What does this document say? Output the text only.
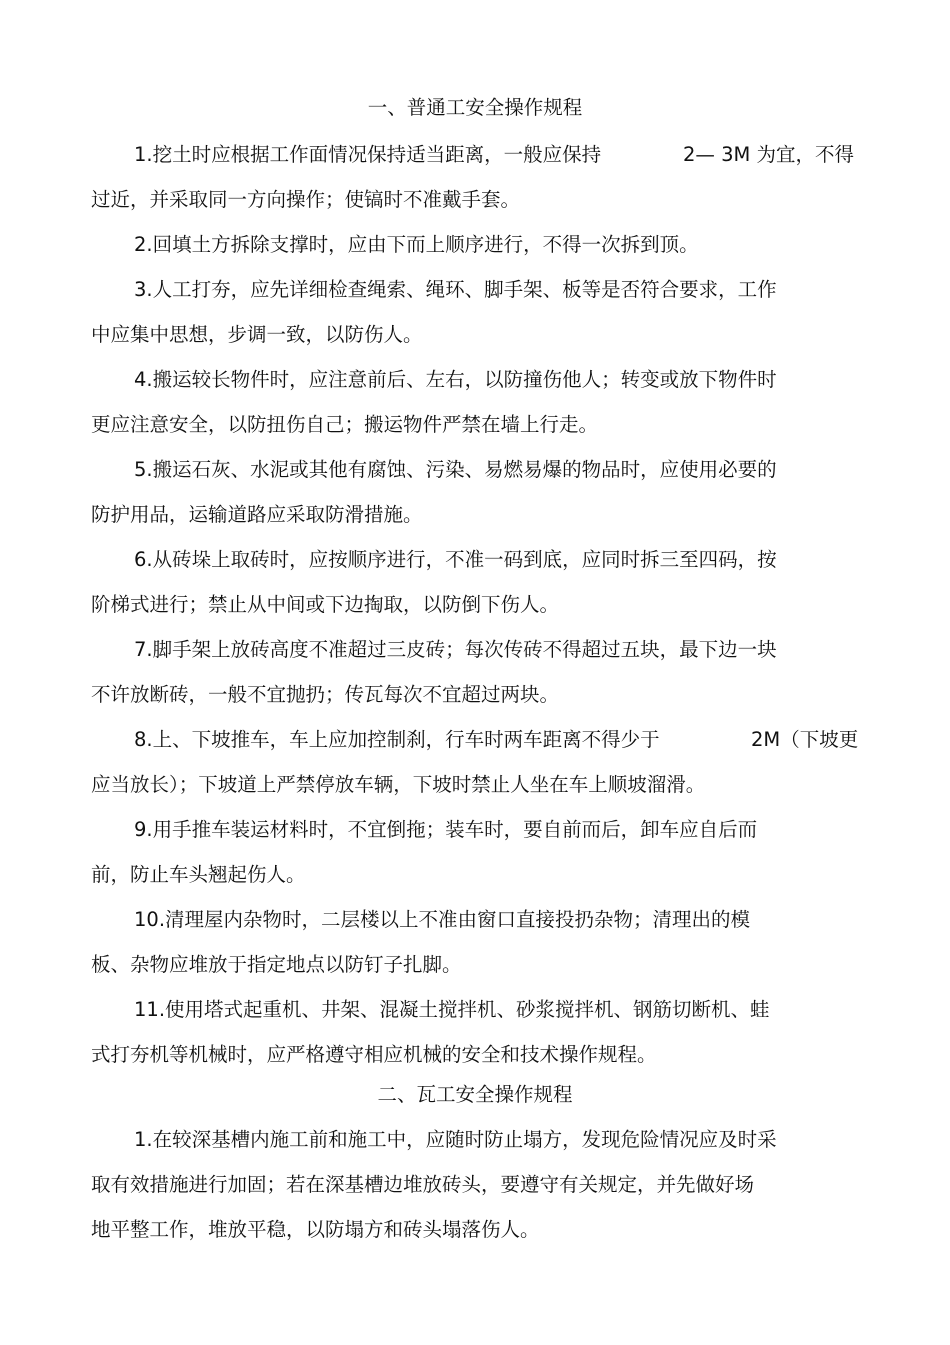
一、普通工安全操作规程
1.挖土时应根据工作面情况保持适当距离，一般应保持	2— 3M 为宜，不得
过近，并采取同一方向操作；使镐时不准戴手套。
2.回填土方拆除支撑时，应由下而上顺序进行，不得一次拆到顶。
3.人工打夯，应先详细检查绳索、绳环、脚手架、板等是否符合要求，工作
中应集中思想，步调一致，以防伤人。
4.搬运较长物件时，应注意前后、左右，以防撞伤他人；转变或放下物件时
更应注意安全，以防扭伤自己；搬运物件严禁在墙上行走。
5.搬运石灰、水泥或其他有腐蚀、污染、易燃易爆的物品时，应使用必要的
防护用品，运输道路应采取防滑措施。
6.从砖垛上取砖时，应按顺序进行，不准一码到底，应同时拆三至四码，按
阶梯式进行；禁止从中间或下边掏取，以防倒下伤人。
7.脚手架上放砖高度不准超过三皮砖；每次传砖不得超过五块，最下边一块
不许放断砖，一般不宜抛扔；传瓦每次不宜超过两块。
8.上、下坡推车，车上应加控制刹，行车时两车距离不得少于	2M（下坡更
应当放长）；下坡道上严禁停放车辆，下坡时禁止人坐在车上顺坡溜滑。
9.用手推车装运材料时，不宜倒拖；装车时，要自前而后，卸车应自后而
前，防止车头翘起伤人。
10.清理屋内杂物时，二层楼以上不准由窗口直接投扔杂物；清理出的模
板、杂物应堆放于指定地点以防钉子扎脚。
11.使用塔式起重机、井架、混凝土搅拌机、砂浆搅拌机、钢筋切断机、蛙
式打夯机等机械时，应严格遵守相应机械的安全和技术操作规程。
二、瓦工安全操作规程
1.在较深基槽内施工前和施工中，应随时防止塌方，发现危险情况应及时采
取有效措施进行加固；若在深基槽边堆放砖头，要遵守有关规定，并先做好场
地平整工作，堆放平稳，以防塌方和砖头塌落伤人。
